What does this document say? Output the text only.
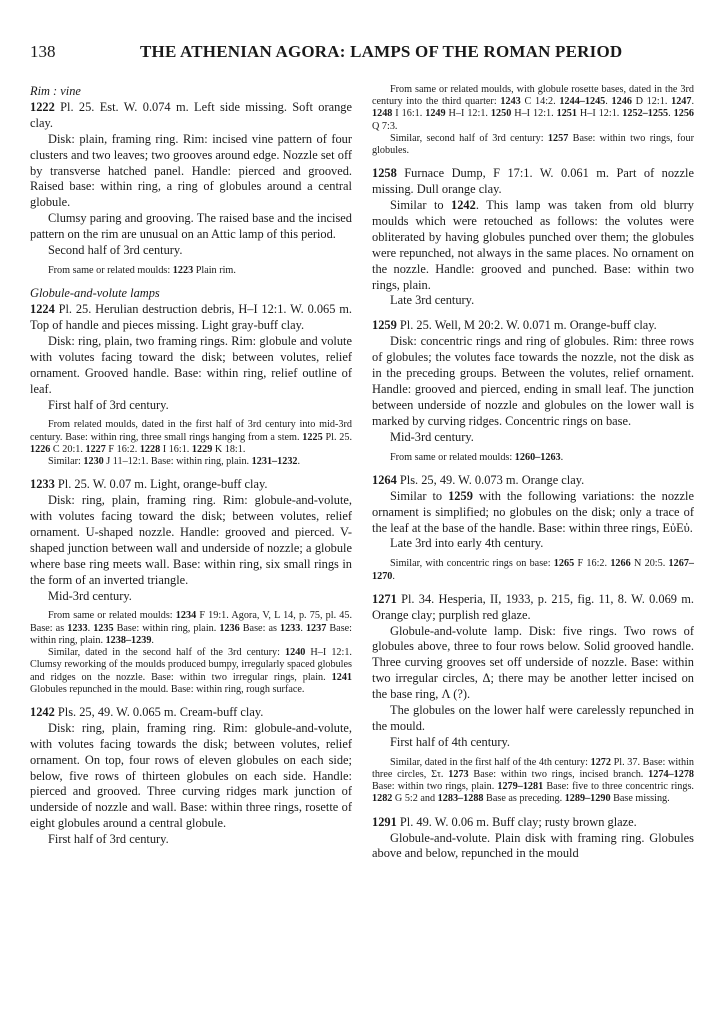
138	THE ATHENIAN AGORA: LAMPS OF THE ROMAN PERIOD

Rim : vine

1222 Pl. 25. Est. W. 0.074 m. Left side missing. Soft orange clay.

Disk: plain, framing ring. Rim: incised vine pattern of four clusters and two leaves; two grooves around edge. Nozzle set off by transverse hatched panel. Handle: pierced and grooved. Raised base: within ring, a ring of globules around a central globule.

Clumsy paring and grooving. The raised base and the incised pattern on the rim are unusual on an Attic lamp of this period.

Second half of 3rd century.

From same or related moulds: 1223 Plain rim.

Globule-and-volute lamps

1224 Pl. 25. Herulian destruction debris, H–I 12:1. W. 0.065 m. Top of handle and pieces missing. Light gray-buff clay.

Disk: ring, plain, two framing rings. Rim: globule and volute with volutes facing toward the disk; between volutes, relief ornament. Grooved handle. Base: within ring, relief outline of leaf.

First half of 3rd century.

From related moulds, dated in the first half of 3rd century into mid-3rd century. Base: within ring, three small rings hanging from a stem. 1225 Pl. 25. 1226 C 20:1. 1227 F 16:2. 1228 I 16:1. 1229 K 18:1.

Similar: 1230 J 11–12:1. Base: within ring, plain. 1231–1232.

1233 Pl. 25. W. 0.07 m. Light, orange-buff clay.

Disk: ring, plain, framing ring. Rim: globule-and-volute, with volutes facing toward the disk; between volutes, relief ornament. U-shaped nozzle. Handle: grooved and pierced. V-shaped junction between wall and underside of nozzle; a globule where base ring meets wall. Base: within ring, six small rings in the form of an inverted triangle.

Mid-3rd century.

From same or related moulds: 1234 F 19:1. Agora, V, L 14, p. 75, pl. 45. Base: as 1233. 1235 Base: within ring, plain. 1236 Base: as 1233. 1237 Base: within ring, plain. 1238–1239.

Similar, dated in the second half of the 3rd century: 1240 H–I 12:1. Clumsy reworking of the moulds produced bumpy, irregularly spaced globules and ridges on the nozzle. Base: within two irregular rings, plain. 1241 Globules repunched in the mould. Base: within ring, rough surface.

1242 Pls. 25, 49. W. 0.065 m. Cream-buff clay.

Disk: ring, plain, framing ring. Rim: globule-and-volute, with volutes facing towards the disk; between volutes, relief ornament. On top, four rows of eleven globules on each side; below, five rows of thirteen globules on each side. Handle: pierced and grooved. Three curving ridges mark junction of underside of nozzle and wall. Base: within three rings, rosette of eight globules around a central globule.

First half of 3rd century.

From same or related moulds, with globule rosette bases, dated in the 3rd century into the third quarter: 1243 C 14:2. 1244–1245. 1246 D 12:1. 1247. 1248 I 16:1. 1249 H–I 12:1. 1250 H–I 12:1. 1251 H–I 12:1. 1252–1255. 1256 Q 7:3.

Similar, second half of 3rd century: 1257 Base: within two rings, four globules.

1258 Furnace Dump, F 17:1. W. 0.061 m. Part of nozzle missing. Dull orange clay.

Similar to 1242. This lamp was taken from old blurry moulds which were retouched as follows: the volutes were obliterated by having globules punched over them; the globules were repunched, not always in the same places. No ornament on the nozzle. Handle: grooved and punched. Base: within two rings, plain.

Late 3rd century.

1259 Pl. 25. Well, M 20:2. W. 0.071 m. Orange-buff clay.

Disk: concentric rings and ring of globules. Rim: three rows of globules; the volutes face towards the nozzle, not the disk as in the preceding groups. Between the volutes, relief ornament. Handle: grooved and pierced, ending in small leaf. The junction between underside of nozzle and globules on the lower wall is marked by curving ridges. Concentric rings on base.

Mid-3rd century.

From same or related moulds: 1260–1263.

1264 Pls. 25, 49. W. 0.073 m. Orange clay.

Similar to 1259 with the following variations: the nozzle ornament is simplified; no globules on the disk; only a trace of the leaf at the base of the handle. Base: within three rings, ΕὐΕὐ.

Late 3rd into early 4th century.

Similar, with concentric rings on base: 1265 F 16:2. 1266 N 20:5. 1267–1270.

1271 Pl. 34. Hesperia, II, 1933, p. 215, fig. 11, 8. W. 0.069 m. Orange clay; purplish red glaze.

Globule-and-volute lamp. Disk: five rings. Two rows of globules above, three to four rows below. Solid grooved handle. Three curving grooves set off underside of nozzle. Base: within two irregular circles, Δ; there may be another letter incised on the base ring, Λ (?).

The globules on the lower half were carelessly repunched in the mould.

First half of 4th century.

Similar, dated in the first half of the 4th century: 1272 Pl. 37. Base: within three circles, Στ. 1273 Base: within two rings, incised branch. 1274–1278 Base: within two rings, plain. 1279–1281 Base: five to three concentric rings. 1282 G 5:2 and 1283–1288 Base as preceding. 1289–1290 Base missing.

1291 Pl. 49. W. 0.06 m. Buff clay; rusty brown glaze.

Globule-and-volute. Plain disk with framing ring. Globules above and below, repunched in the mould
